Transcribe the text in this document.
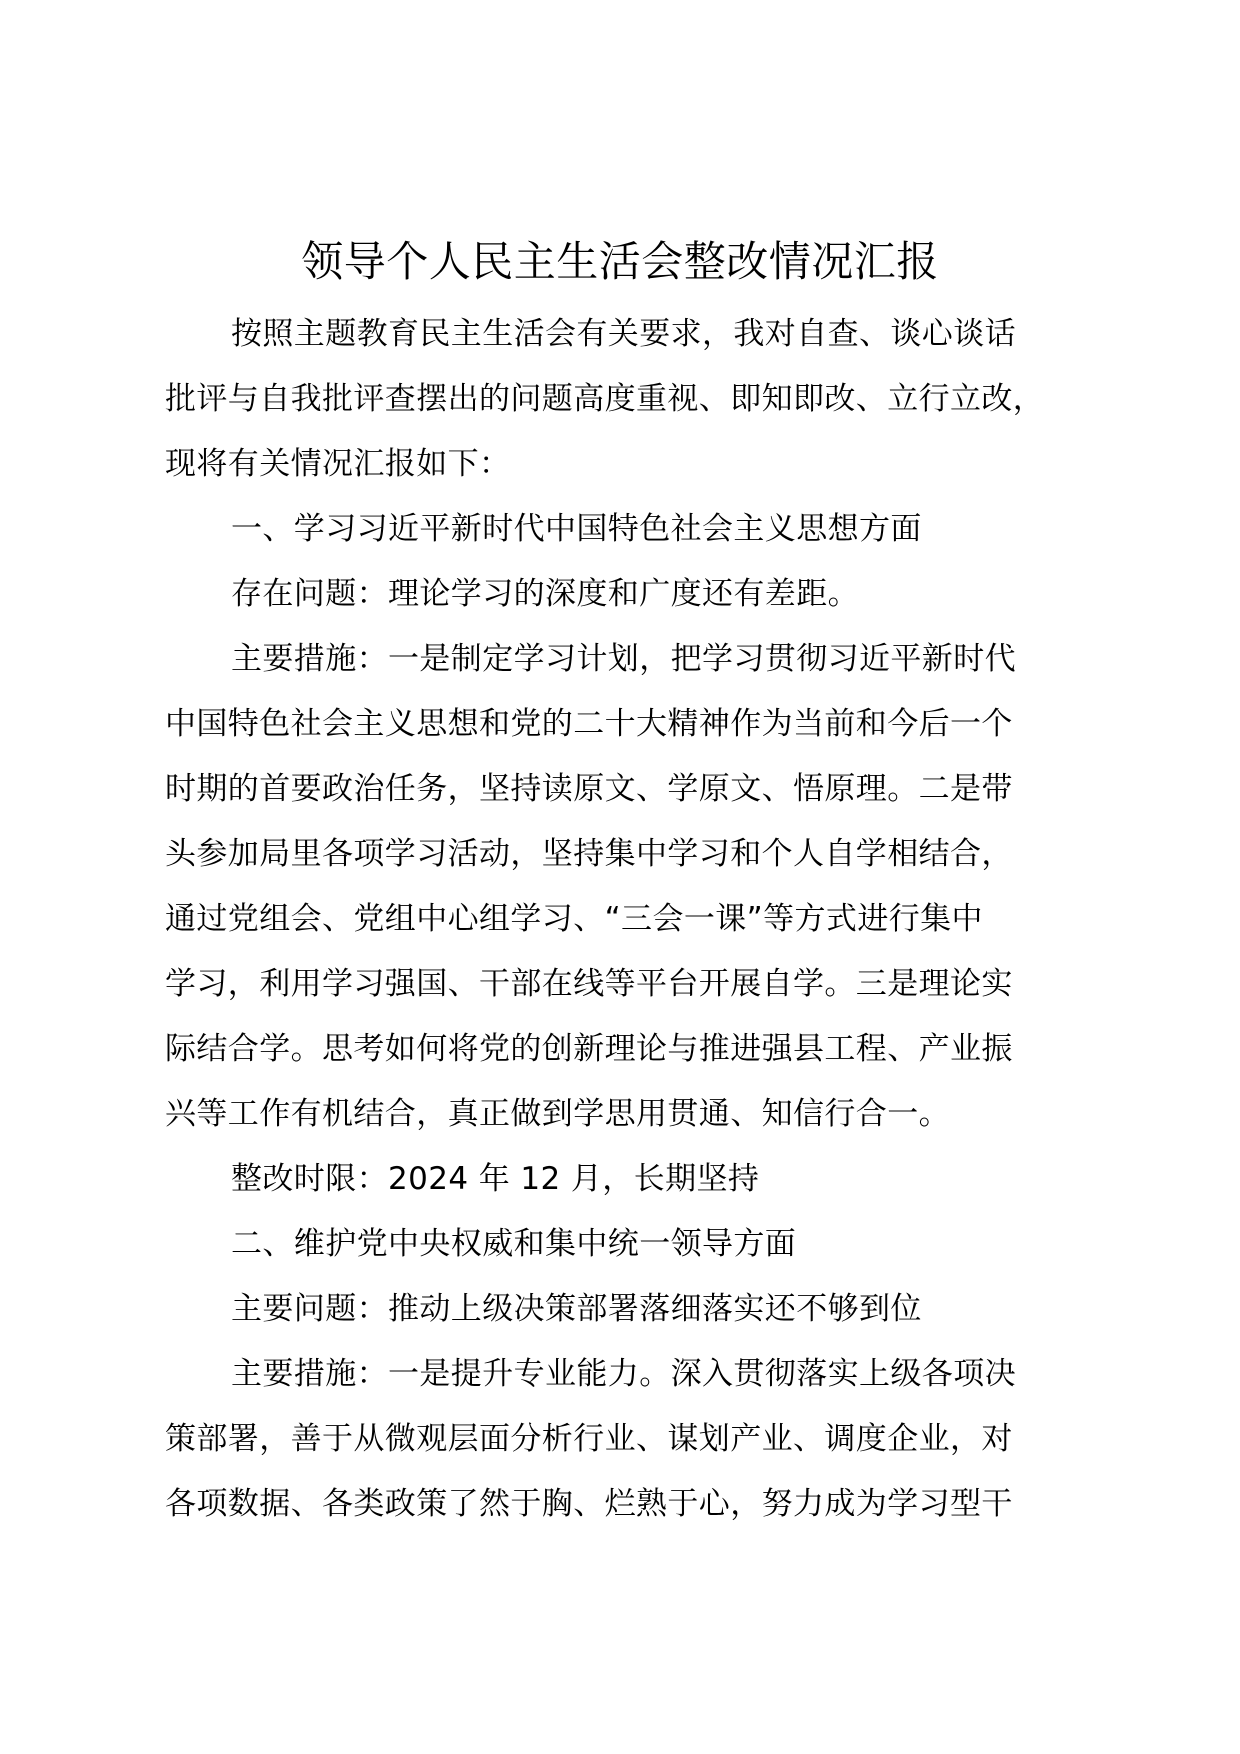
领导个人民主生活会整改情况汇报
按照主题教育民主生活会有关要求，我对自查、谈心谈话
批评与自我批评查摆出的问题高度重视、即知即改、立行立改，
现将有关情况汇报如下：
一、学习习近平新时代中国特色社会主义思想方面
存在问题：理论学习的深度和广度还有差距。
主要措施：一是制定学习计划，把学习贯彻习近平新时代
中国特色社会主义思想和党的二十大精神作为当前和今后一个
时期的首要政治任务，坚持读原文、学原文、悟原理。二是带
头参加局里各项学习活动，坚持集中学习和个人自学相结合，
通过党组会、党组中心组学习、“三会一课”等方式进行集中
学习，利用学习强国、干部在线等平台开展自学。三是理论实
际结合学。思考如何将党的创新理论与推进强县工程、产业振
兴等工作有机结合，真正做到学思用贯通、知信行合一。
整改时限：2024 年 12 月，长期坚持
二、维护党中央权威和集中统一领导方面
主要问题：推动上级决策部署落细落实还不够到位
主要措施：一是提升专业能力。深入贯彻落实上级各项决
策部署，善于从微观层面分析行业、谋划产业、调度企业，对
各项数据、各类政策了然于胸、烂熟于心，努力成为学习型干
